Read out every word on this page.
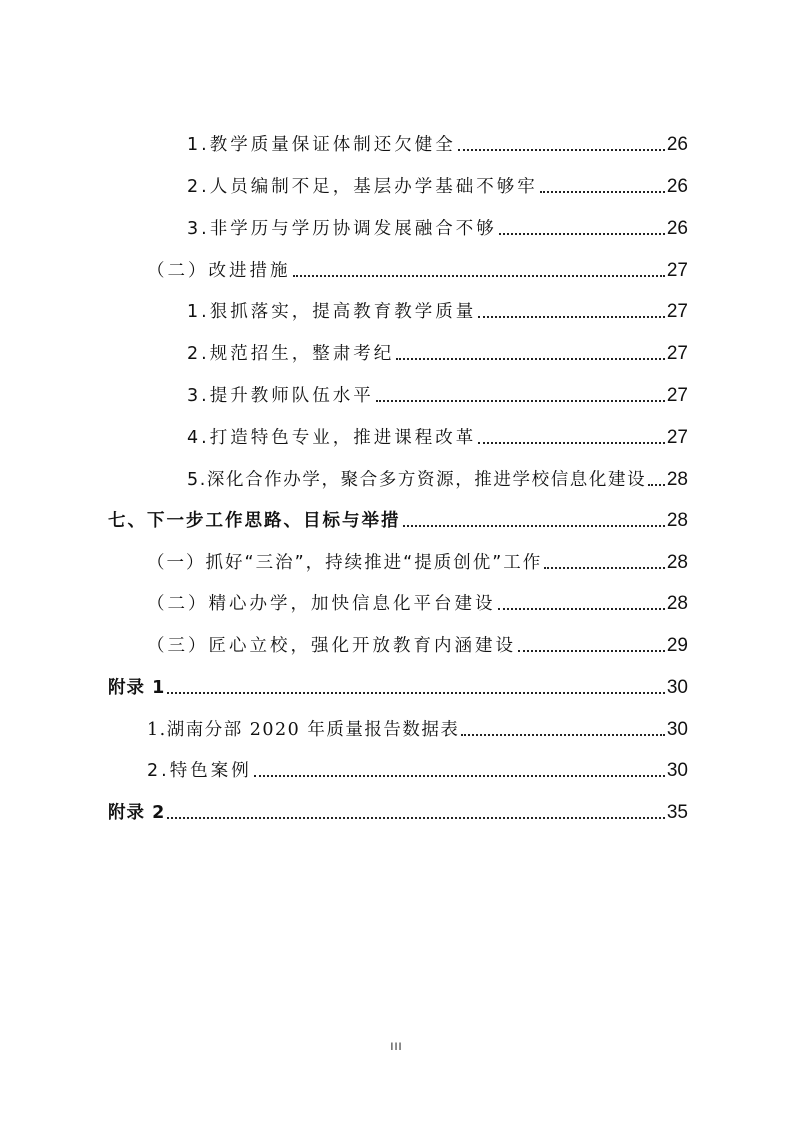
1.教学质量保证体制还欠健全	26
2.人员编制不足，基层办学基础不够牢	26
3.非学历与学历协调发展融合不够	26
（二）改进措施	27
1.狠抓落实，提高教育教学质量	27
2.规范招生，整肃考纪	27
3.提升教师队伍水平	27
4.打造特色专业，推进课程改革	27
5.深化合作办学，聚合多方资源，推进学校信息化建设 28
七、下一步工作思路、目标与举措	28
（一）抓好“三治”，持续推进“提质创优”工作	28
（二）精心办学，加快信息化平台建设	28
（三）匠心立校，强化开放教育内涵建设	29
附录 1	30
1.湖南分部 2020 年质量报告数据表	30
2.特色案例	30
附录 2	35
III
